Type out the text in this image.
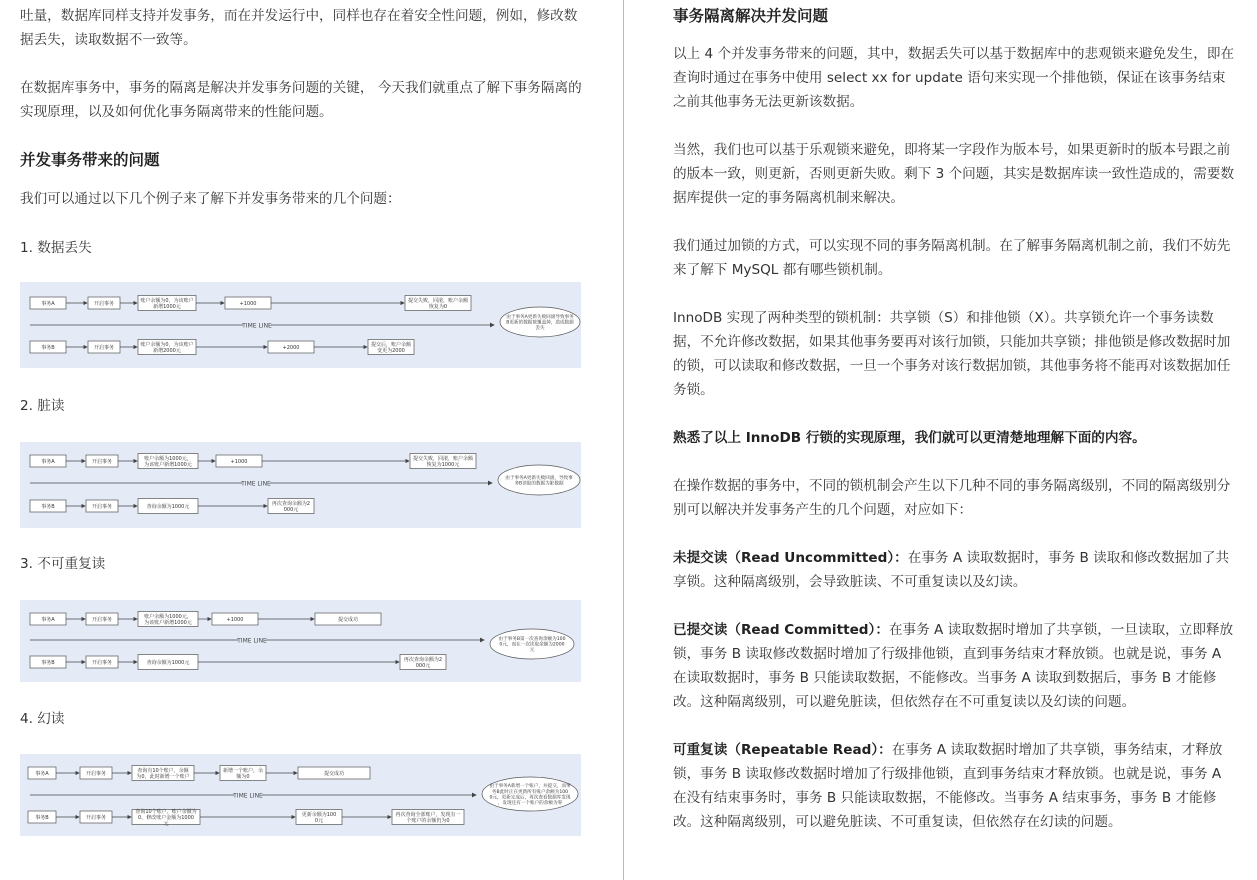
吐量，数据库同样支持并发事务，而在并发运行中，同样也存在着安全性问题，例如，修改数据丢失，读取数据不一致等。

在数据库事务中，事务的隔离是解决并发事务问题的关键， 今天我们就重点了解下事务隔离的实现原理，以及如何优化事务隔离带来的性能问题。

并发事务带来的问题

我们可以通过以下几个例子来了解下并发事务带来的几个问题：

1. 数据丢失

TIME LINE
事务A	开启事务	账户余额为0，为该账户新增1000元	+1000	提交失败，回滚，账户余额恢复为0
事务B	开启事务	账户余额为0，为该账户新增2000元	+2000	提交后，账户余额变更为2000
由于事务A更新失败回滚导致事务 B更新的数据被覆盖掉，造成数据丢失

2. 脏读

TIME LINE
事务A	开启事务	账户余额为1000元，为该账户新增1000元	+1000	提交失败，回滚，账户余额恢复为1000元
事务B	开启事务	查询余额为1000元	再次查询余额为2 000元
由于事务A更新失败回滚，导致事务B读取的数据为脏数据

3. 不可重复读

TIME LINE
事务A	开启事务	账户余额为1000元，为该账户新增1000元	+1000	提交成功
事务B	开启事务	查询余额为1000元	再次查询余额为2 000元
由于事务B第一次查询余额为100 0元，而在一次读取余额为2000 元

4. 幻读

TIME LINE
事务A	开启事务	查询有10个账户，余额为0，此时新增一个账户
新增一个账户，余额为0	提交成功
事务B	开启事务
查询10个账户，账户余额为 0，修改账户金额为1000 元
更新余额为100 0元
再次查询全部账户，发现有一个账户的余额仍为0
由于事务A新增一个账户，并提交，而事务B此时正在更新所有账户余额为100 0元，更新完成后，再次查看数据库发现，发现还有一个账户的余额为零
事务隔离解决并发问题

以上 4 个并发事务带来的问题，其中，数据丢失可以基于数据库中的悲观锁来避免发生，即在查询时通过在事务中使用 select xx for update 语句来实现一个排他锁，保证在该事务结束之前其他事务无法更新该数据。

当然，我们也可以基于乐观锁来避免，即将某一字段作为版本号，如果更新时的版本号跟之前的版本一致，则更新，否则更新失败。剩下 3 个问题，其实是数据库读一致性造成的，需要数据库提供一定的事务隔离机制来解决。

我们通过加锁的方式，可以实现不同的事务隔离机制。在了解事务隔离机制之前，我们不妨先来了解下 MySQL 都有哪些锁机制。

InnoDB 实现了两种类型的锁机制：共享锁（S）和排他锁（X）。共享锁允许一个事务读数据，不允许修改数据，如果其他事务要再对该行加锁，只能加共享锁；排他锁是修改数据时加的锁，可以读取和修改数据，一旦一个事务对该行数据加锁，其他事务将不能再对该数据加任务锁。

熟悉了以上 InnoDB 行锁的实现原理，我们就可以更清楚地理解下面的内容。

在操作数据的事务中，不同的锁机制会产生以下几种不同的事务隔离级别，不同的隔离级别分别可以解决并发事务产生的几个问题，对应如下：

未提交读（Read Uncommitted）：在事务 A 读取数据时，事务 B 读取和修改数据加了共享锁。这种隔离级别，会导致脏读、不可重复读以及幻读。

已提交读（Read Committed）：在事务 A 读取数据时增加了共享锁，一旦读取，立即释放锁，事务 B 读取修改数据时增加了行级排他锁，直到事务结束才释放锁。也就是说，事务 A 在读取数据时，事务 B 只能读取数据，不能修改。当事务 A 读取到数据后，事务 B 才能修改。这种隔离级别，可以避免脏读，但依然存在不可重复读以及幻读的问题。

可重复读（Repeatable Read）：在事务 A 读取数据时增加了共享锁，事务结束，才释放锁，事务 B 读取修改数据时增加了行级排他锁，直到事务结束才释放锁。也就是说，事务 A 在没有结束事务时，事务 B 只能读取数据，不能修改。当事务 A 结束事务，事务 B 才能修改。这种隔离级别，可以避免脏读、不可重复读，但依然存在幻读的问题。
